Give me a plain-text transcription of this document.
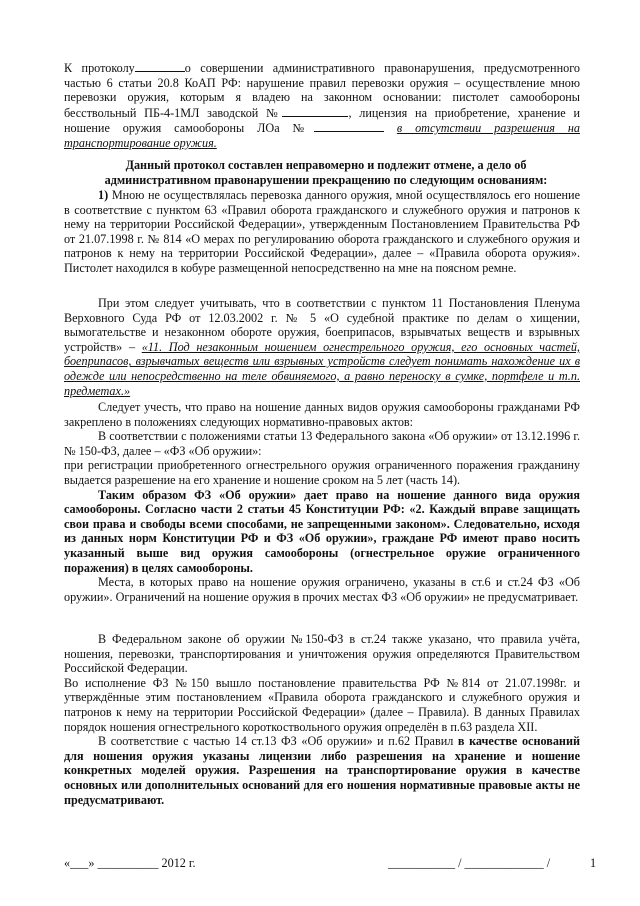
К протоколу	о совершении административного правонарушения, предусмотренного частью 6 статьи 20.8 КоАП РФ: нарушение правил перевозки оружия – осуществление мною перевозки оружия, которым я владею на законном основании: пистолет самообороны бесствольный ПБ-4-1МЛ заводской №	, лицензия на приобретение, хранение и ношение оружия самообороны ЛОа №	в отсутствии разрешения на транспортирование оружия.

Данный протокол составлен неправомерно и подлежит отмене, а дело об административном правонарушении прекращению по следующим основаниям:

1) Мною не осуществлялась перевозка данного оружия, мной осуществлялось его ношение в соответствие с пунктом 63 «Правил оборота гражданского и служебного оружия и патронов к нему на территории Российской Федерации», утвержденным Постановлением Правительства РФ от 21.07.1998 г. № 814 «О мерах по регулированию оборота гражданского и служебного оружия и патронов к нему на территории Российской Федерации», далее – «Правила оборота оружия». Пистолет находился в кобуре размещенной непосредственно на мне на поясном ремне.

При этом следует учитывать, что в соответствии с пунктом 11 Постановления Пленума Верховного Суда РФ от 12.03.2002 г. № 5 «О судебной практике по делам о хищении, вымогательстве и незаконном обороте оружия, боеприпасов, взрывчатых веществ и взрывных устройств» – «11. Под незаконным ношением огнестрельного оружия, его основных частей, боеприпасов, взрывчатых веществ или взрывных устройств следует понимать нахождение их в одежде или непосредственно на теле обвиняемого, а равно переноску в сумке, портфеле и т.п. предметах.»

Следует учесть, что право на ношение данных видов оружия самообороны гражданами РФ закреплено в положениях следующих нормативно-правовых актов:

В соответствии с положениями статьи 13 Федерального закона «Об оружии» от 13.12.1996 г. № 150-ФЗ, далее – «ФЗ «Об оружии»:

при регистрации приобретенного огнестрельного оружия ограниченного поражения гражданину выдается разрешение на его хранение и ношение сроком на 5 лет (часть 14).

Таким образом ФЗ «Об оружии» дает право на ношение данного вида оружия самообороны. Согласно части 2 статьи 45 Конституции РФ: «2. Каждый вправе защищать свои права и свободы всеми способами, не запрещенными законом». Следовательно, исходя из данных норм Конституции РФ и ФЗ «Об оружии», граждане РФ имеют право носить указанный выше вид оружия самообороны (огнестрельное оружие ограниченного поражения) в целях самообороны.

Места, в которых право на ношение оружия ограничено, указаны в ст.6 и ст.24 ФЗ «Об оружии». Ограничений на ношение оружия в прочих местах ФЗ «Об оружии» не предусматривает.

В Федеральном законе об оружии №150-ФЗ в ст.24 также указано, что правила учёта, ношения, перевозки, транспортирования и уничтожения оружия определяются Правительством Российской Федерации.

Во исполнение ФЗ №150 вышло постановление правительства РФ №814 от 21.07.1998г. и утверждённые этим постановлением «Правила оборота гражданского и служебного оружия и патронов к нему на территории Российской Федерации» (далее – Правила). В данных Правилах порядок ношения огнестрельного короткоствольного оружия определён в п.63 раздела XII.

В соответствие с частью 14 ст.13 ФЗ «Об оружии» и п.62 Правил в качестве оснований для ношения оружия указаны лицензии либо разрешения на хранение и ношение конкретных моделей оружия. Разрешения на транспортирование оружия в качестве основных или дополнительных оснований для его ношения нормативные правовые акты не предусматривают.

«___» __________ 2012 г.	___________ / _____________ /	1
